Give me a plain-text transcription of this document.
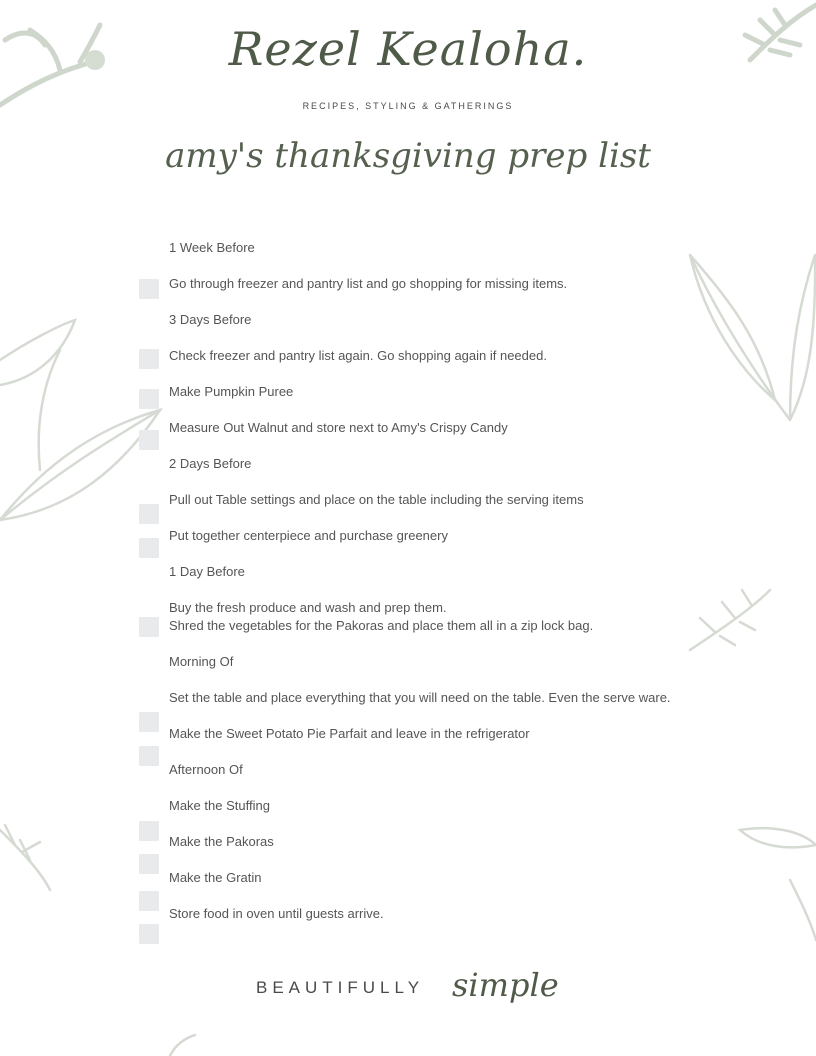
Rezel Kealoha.
RECIPES, STYLING & GATHERINGS
amy's thanksgiving prep list
1 Week Before
Go through freezer and pantry list and go shopping for missing items.
3 Days Before
Check freezer and pantry list again. Go shopping again if needed.
Make Pumpkin Puree
Measure Out Walnut and store next to Amy's Crispy Candy
2 Days Before
Pull out Table settings and place on the table including the serving items
Put together centerpiece and purchase greenery
1 Day Before
Buy the fresh produce and wash and prep them.
Shred the vegetables for the Pakoras and place them all in a zip lock bag.
Morning Of
Set the table and place everything that you will need on the table. Even the serve ware.
Make the Sweet Potato Pie Parfait and leave in the refrigerator
Afternoon Of
Make the Stuffing
Make the Pakoras
Make the Gratin
Store food in oven until guests arrive.
BEAUTIFULLY simple
